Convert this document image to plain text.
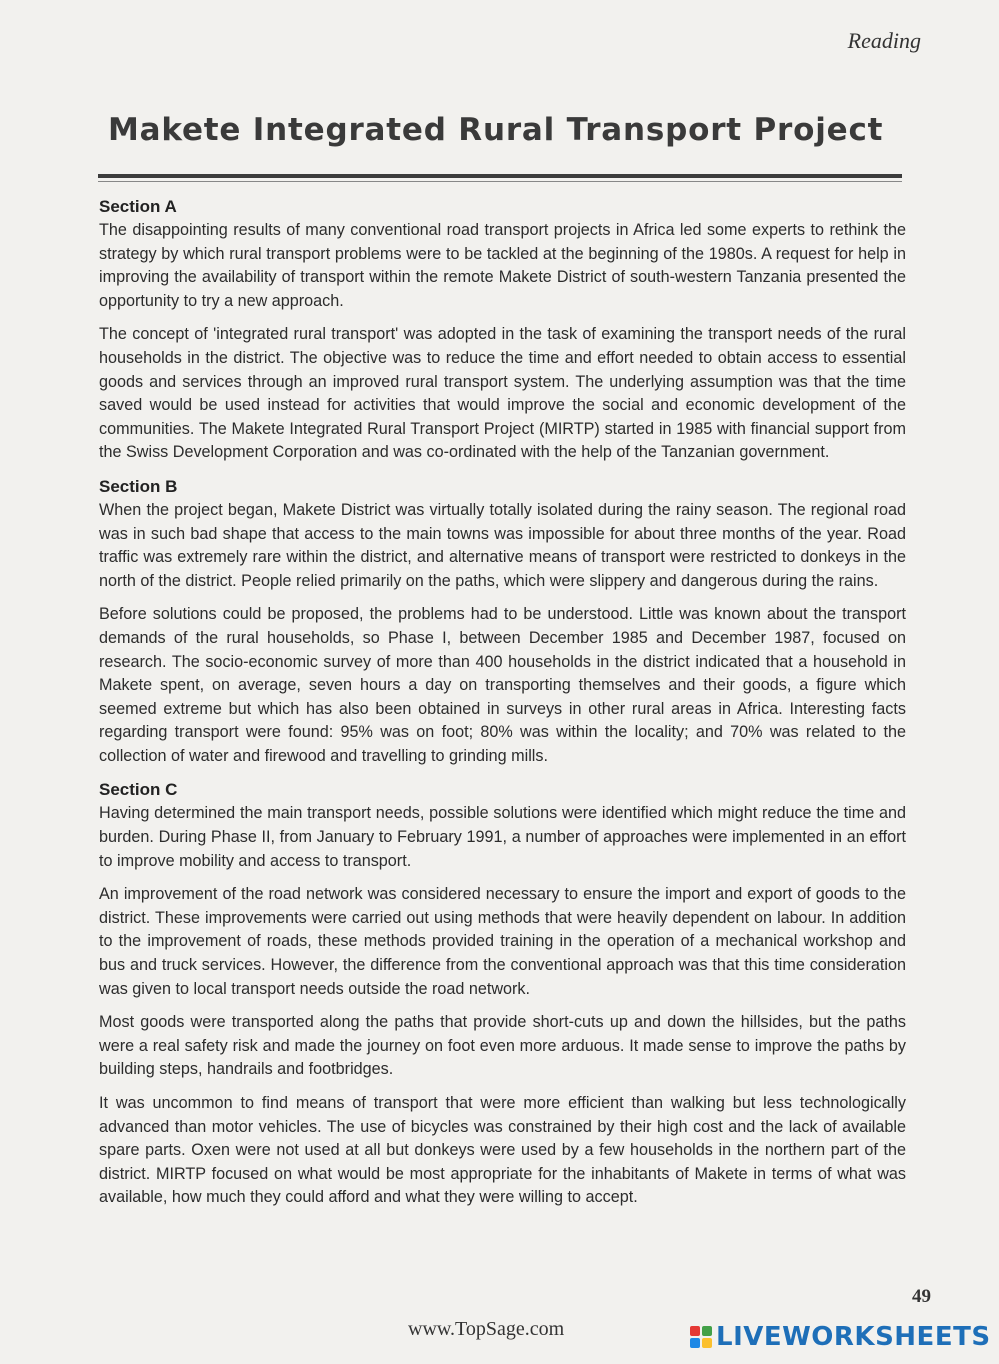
Reading
Makete Integrated Rural Transport Project
Section A

The disappointing results of many conventional road transport projects in Africa led some experts to rethink the strategy by which rural transport problems were to be tackled at the beginning of the 1980s. A request for help in improving the availability of transport within the remote Makete District of south-western Tanzania presented the opportunity to try a new approach.

The concept of 'integrated rural transport' was adopted in the task of examining the transport needs of the rural households in the district. The objective was to reduce the time and effort needed to obtain access to essential goods and services through an improved rural transport system. The underlying assumption was that the time saved would be used instead for activities that would improve the social and economic development of the communities. The Makete Integrated Rural Transport Project (MIRTP) started in 1985 with financial support from the Swiss Development Corporation and was co-ordinated with the help of the Tanzanian government.

Section B

When the project began, Makete District was virtually totally isolated during the rainy season. The regional road was in such bad shape that access to the main towns was impossible for about three months of the year. Road traffic was extremely rare within the district, and alternative means of transport were restricted to donkeys in the north of the district. People relied primarily on the paths, which were slippery and dangerous during the rains.

Before solutions could be proposed, the problems had to be understood. Little was known about the transport demands of the rural households, so Phase I, between December 1985 and December 1987, focused on research. The socio-economic survey of more than 400 households in the district indicated that a household in Makete spent, on average, seven hours a day on transporting themselves and their goods, a figure which seemed extreme but which has also been obtained in surveys in other rural areas in Africa. Interesting facts regarding transport were found: 95% was on foot; 80% was within the locality; and 70% was related to the collection of water and firewood and travelling to grinding mills.

Section C

Having determined the main transport needs, possible solutions were identified which might reduce the time and burden. During Phase II, from January to February 1991, a number of approaches were implemented in an effort to improve mobility and access to transport.

An improvement of the road network was considered necessary to ensure the import and export of goods to the district. These improvements were carried out using methods that were heavily dependent on labour. In addition to the improvement of roads, these methods provided training in the operation of a mechanical workshop and bus and truck services. However, the difference from the conventional approach was that this time consideration was given to local transport needs outside the road network.

Most goods were transported along the paths that provide short-cuts up and down the hillsides, but the paths were a real safety risk and made the journey on foot even more arduous. It made sense to improve the paths by building steps, handrails and footbridges.

It was uncommon to find means of transport that were more efficient than walking but less technologically advanced than motor vehicles. The use of bicycles was constrained by their high cost and the lack of available spare parts. Oxen were not used at all but donkeys were used by a few households in the northern part of the district. MIRTP focused on what would be most appropriate for the inhabitants of Makete in terms of what was available, how much they could afford and what they were willing to accept.

49
www.TopSage.com	LIVEWORKSHEETS
